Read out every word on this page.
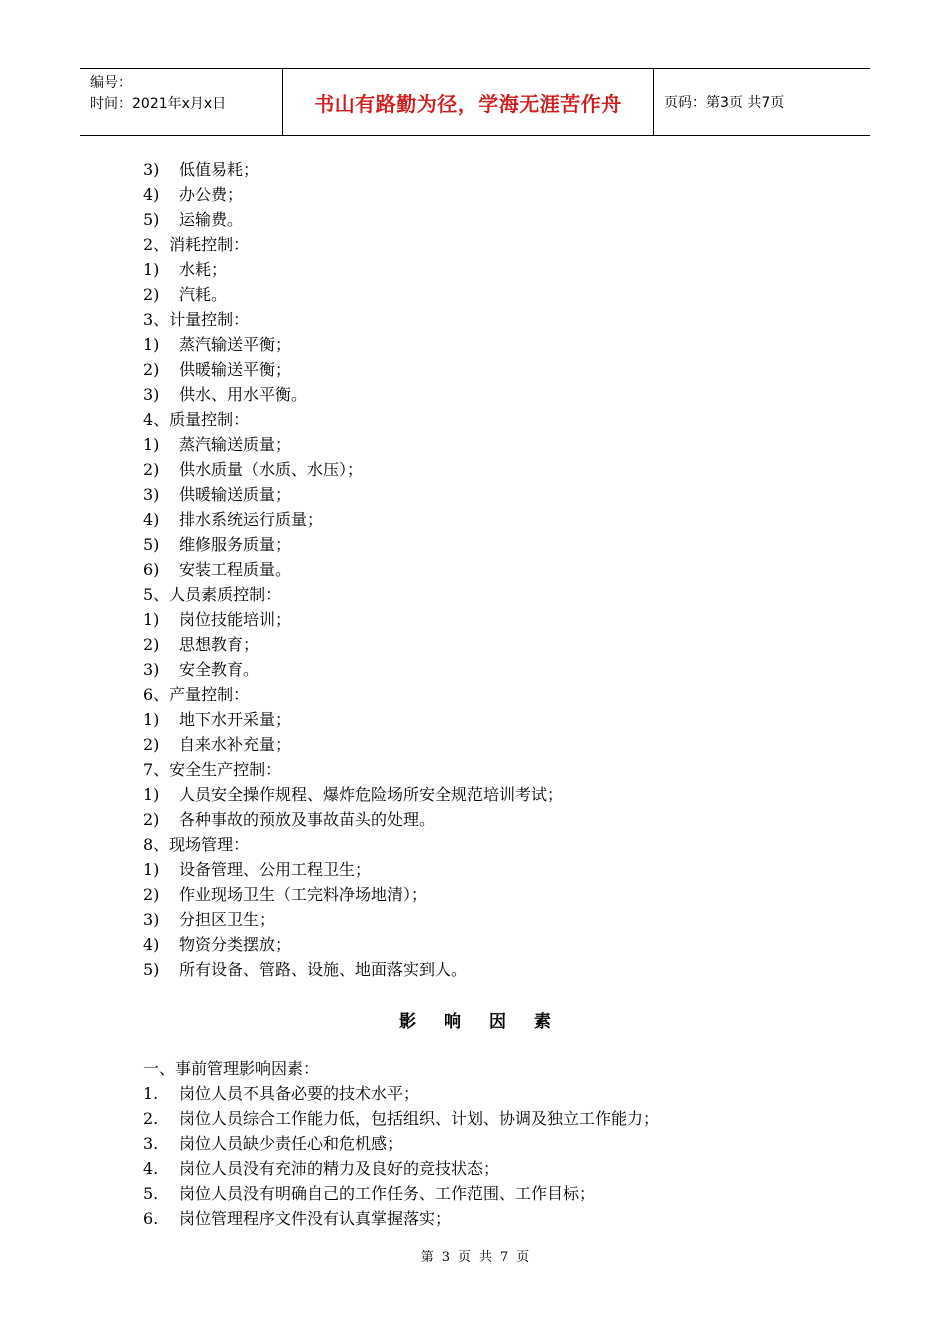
编号：
时间：2021年x月x日	书山有路勤为径，学海无涯苦作舟	页码：第3页 共7页
3)	低值易耗；
4)	办公费；
5)	运输费。
2、消耗控制：
1)	水耗；
2)	汽耗。
3、计量控制：
1)	蒸汽输送平衡；
2)	供暖输送平衡；
3)	供水、用水平衡。
4、质量控制：
1)	蒸汽输送质量；
2)	供水质量（水质、水压）；
3)	供暖输送质量；
4)	排水系统运行质量；
5)	维修服务质量；
6)	安装工程质量。
5、人员素质控制：
1)	岗位技能培训；
2)	思想教育；
3)	安全教育。
6、产量控制：
1)	地下水开采量；
2)	自来水补充量；
7、安全生产控制：
1)	人员安全操作规程、爆炸危险场所安全规范培训考试；
2)	各种事故的预放及事故苗头的处理。
8、现场管理：
1)	设备管理、公用工程卫生；
2)	作业现场卫生（工完料净场地清）；
3)	分担区卫生；
4)	物资分类摆放；
5)	所有设备、管路、设施、地面落实到人。
影响因素
一、事前管理影响因素：
1.	岗位人员不具备必要的技术水平；
2.	岗位人员综合工作能力低，包括组织、计划、协调及独立工作能力；
3.	岗位人员缺少责任心和危机感；
4.	岗位人员没有充沛的精力及良好的竞技状态；
5.	岗位人员没有明确自己的工作任务、工作范围、工作目标；
6.	岗位管理程序文件没有认真掌握落实；
第 3 页 共 7 页
